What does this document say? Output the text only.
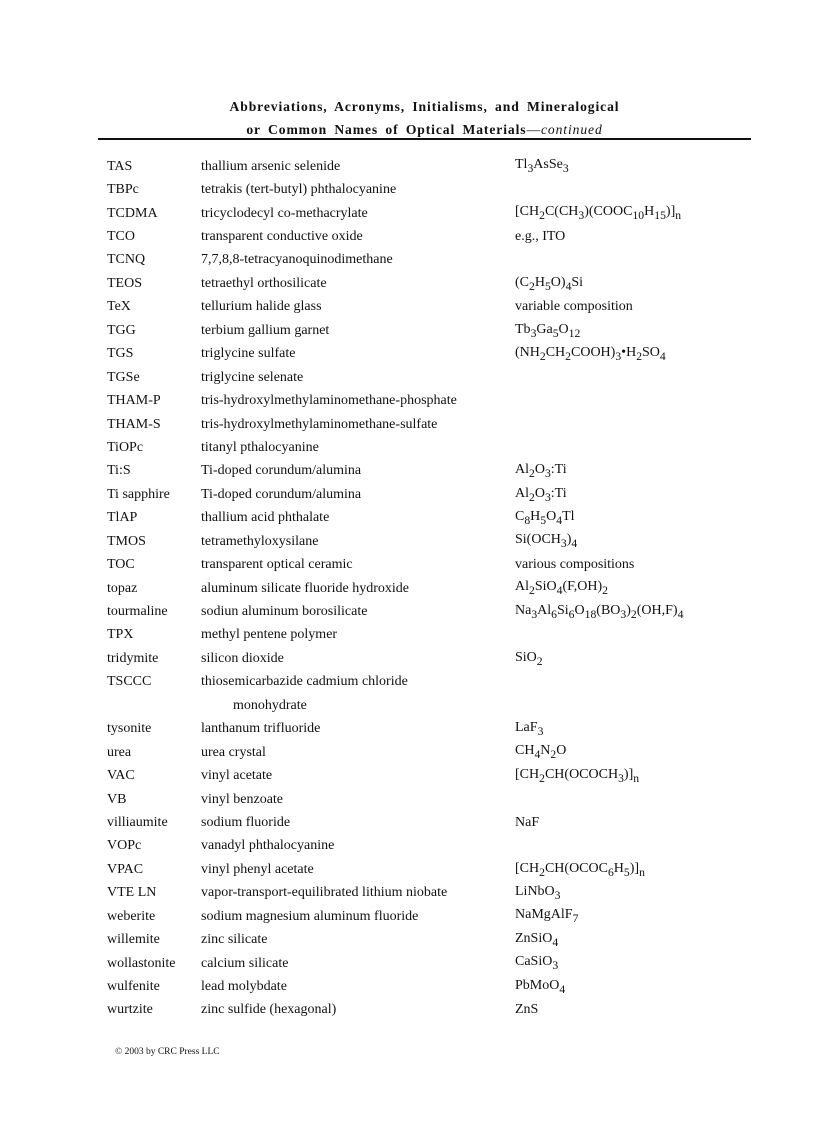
Abbreviations, Acronyms, Initialisms, and Mineralogical
or Common Names of Optical Materials—continued
TAS	thallium arsenic selenide	$Tl_3AsSe_3$
TBPc	tetrakis (tert-butyl) phthalocyanine
TCDMA	tricyclodecyl co-methacrylate	$[CH_2C(CH_3)(COOC_{10}H_{15})]_n$
TCO	transparent conductive oxide	e.g., ITO
TCNQ	7,7,8,8-tetracyanoquinodimethane
TEOS	tetraethyl orthosilicate	$(C_2H_5O)_4Si$
TeX	tellurium halide glass	variable composition
TGG	terbium gallium garnet	$Tb_3Ga_5O_{12}$
TGS	triglycine sulfate	$(NH_2CH_2COOH)_3•H_2SO_4$
TGSe	triglycine selenate
THAM-P	tris-hydroxylmethylaminomethane-phosphate
THAM-S	tris-hydroxylmethylaminomethane-sulfate
TiOPc	titanyl pthalocyanine
Ti:S	Ti-doped corundum/alumina	$Al_2O_3:Ti$
Ti sapphire	Ti-doped corundum/alumina	$Al_2O_3:Ti$
TlAP	thallium acid phthalate	$C_8H_5O_4Tl$
TMOS	tetramethyloxysilane	$Si(OCH_3)_4$
TOC	transparent optical ceramic	various compositions
topaz	aluminum silicate fluoride hydroxide	$Al_2SiO_4(F,OH)_2$
tourmaline	sodiun aluminum borosilicate	$Na_3Al_6Si_6O_{18}(BO_3)_2(OH,F)_4$
TPX	methyl pentene polymer
tridymite	silicon dioxide	SiO$_2$
TSCCC	thiosemicarbazide cadmium chloride
monohydrate
tysonite	lanthanum trifluoride	LaF$_3$
urea	urea crystal	$CH_4N_2O$
VAC	vinyl acetate	$[CH_2CH(OCOCH_3)]_n$
VB	vinyl benzoate
villiaumite	sodium fluoride	NaF
VOPc	vanadyl phthalocyanine
VPAC	vinyl phenyl acetate	$[CH_2CH(OCOC_6H_5)]_n$
VTE LN	vapor-transport-equilibrated lithium niobate	LiNbO$_3$
weberite	sodium magnesium aluminum fluoride	NaMgAlF$_7$
willemite	zinc silicate	ZnSiO$_4$
wollastonite	calcium silicate	CaSiO$_3$
wulfenite	lead molybdate	PbMoO$_4$
wurtzite	zinc sulfide (hexagonal)	ZnS
© 2003 by CRC Press LLC
